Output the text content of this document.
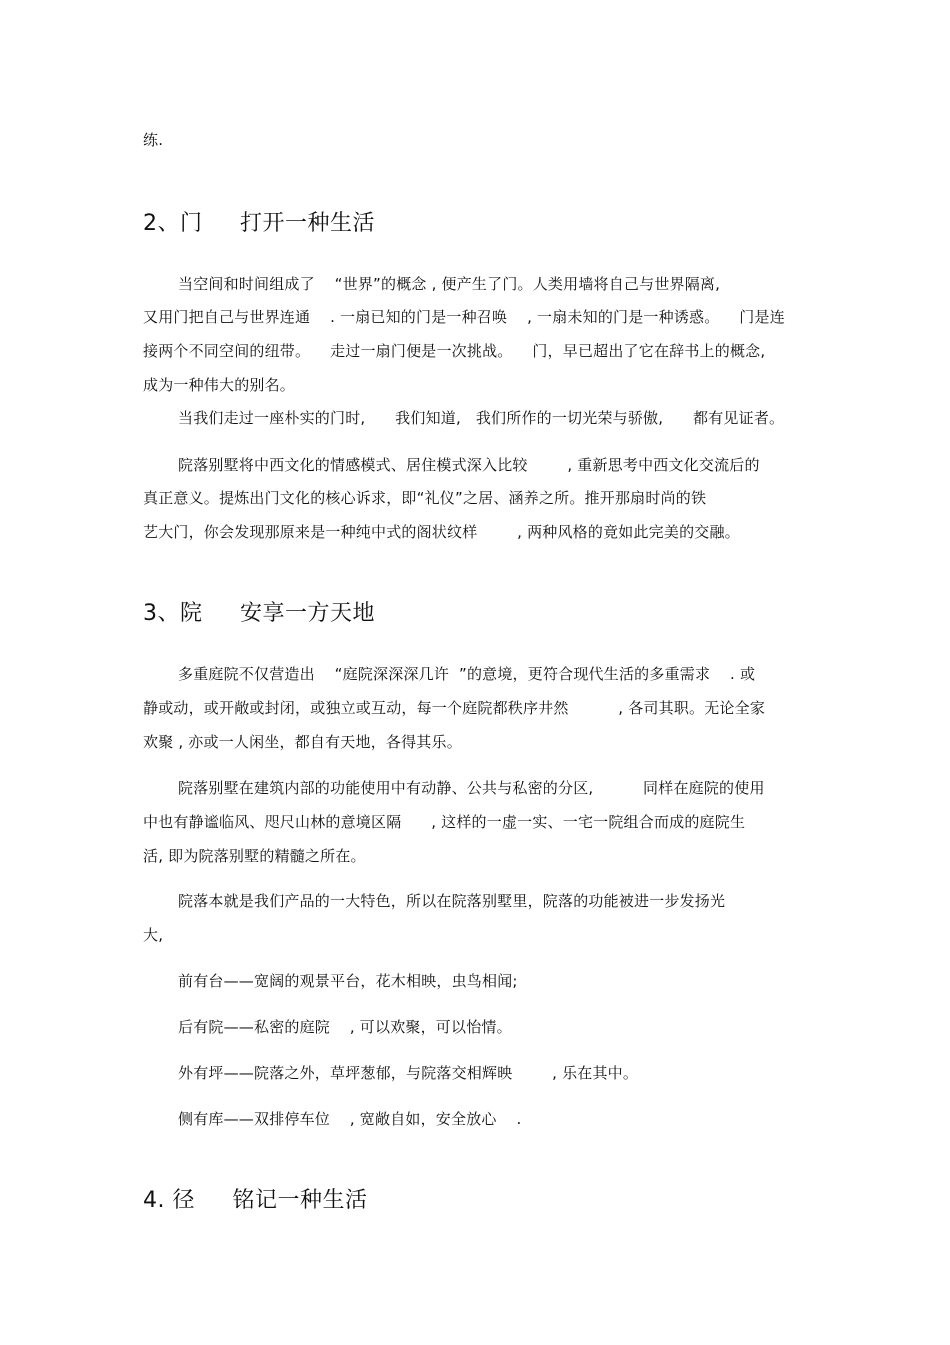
练.
2、门     打开一种生活
当空间和时间组成了    “世界”的概念 , 便产生了门。人类用墙将自己与世界隔离,
又用门把自己与世界连通    . 一扇已知的门是一种召唤    , 一扇未知的门是一种诱惑。    门是连
接两个不同空间的纽带。    走过一扇门便是一次挑战。    门，早已超出了它在辞书上的概念,
成为一种伟大的别名。
当我们走过一座朴实的门时,      我们知道,   我们所作的一切光荣与骄傲,      都有见证者。
院落别墅将中西文化的情感模式、居住模式深入比较        , 重新思考中西文化交流后的
真正意义。提炼出门文化的核心诉求，即“礼仪”之居、涵养之所。推开那扇时尚的铁
艺大门，你会发现那原来是一种纯中式的阁状纹样        , 两种风格的竟如此完美的交融。
3、院     安享一方天地
多重庭院不仅营造出    “庭院深深深几许  ”的意境，更符合现代生活的多重需求    . 或
静或动，或开敞或封闭，或独立或互动，每一个庭院都秩序井然          , 各司其职。无论全家
欢聚 , 亦或一人闲坐，都自有天地，各得其乐。
院落别墅在建筑内部的功能使用中有动静、公共与私密的分区,          同样在庭院的使用
中也有静谧临风、咫尺山林的意境区隔      , 这样的一虚一实、一宅一院组合而成的庭院生
活, 即为院落别墅的精髓之所在。
院落本就是我们产品的一大特色，所以在院落别墅里，院落的功能被进一步发扬光
大,
前有台——宽阔的观景平台，花木相映，虫鸟相闻;
后有院——私密的庭院    , 可以欢聚，可以怡情。
外有坪——院落之外，草坪葱郁，与院落交相辉映        , 乐在其中。
侧有库——双排停车位    , 宽敞自如，安全放心    .
4. 径     铭记一种生活
